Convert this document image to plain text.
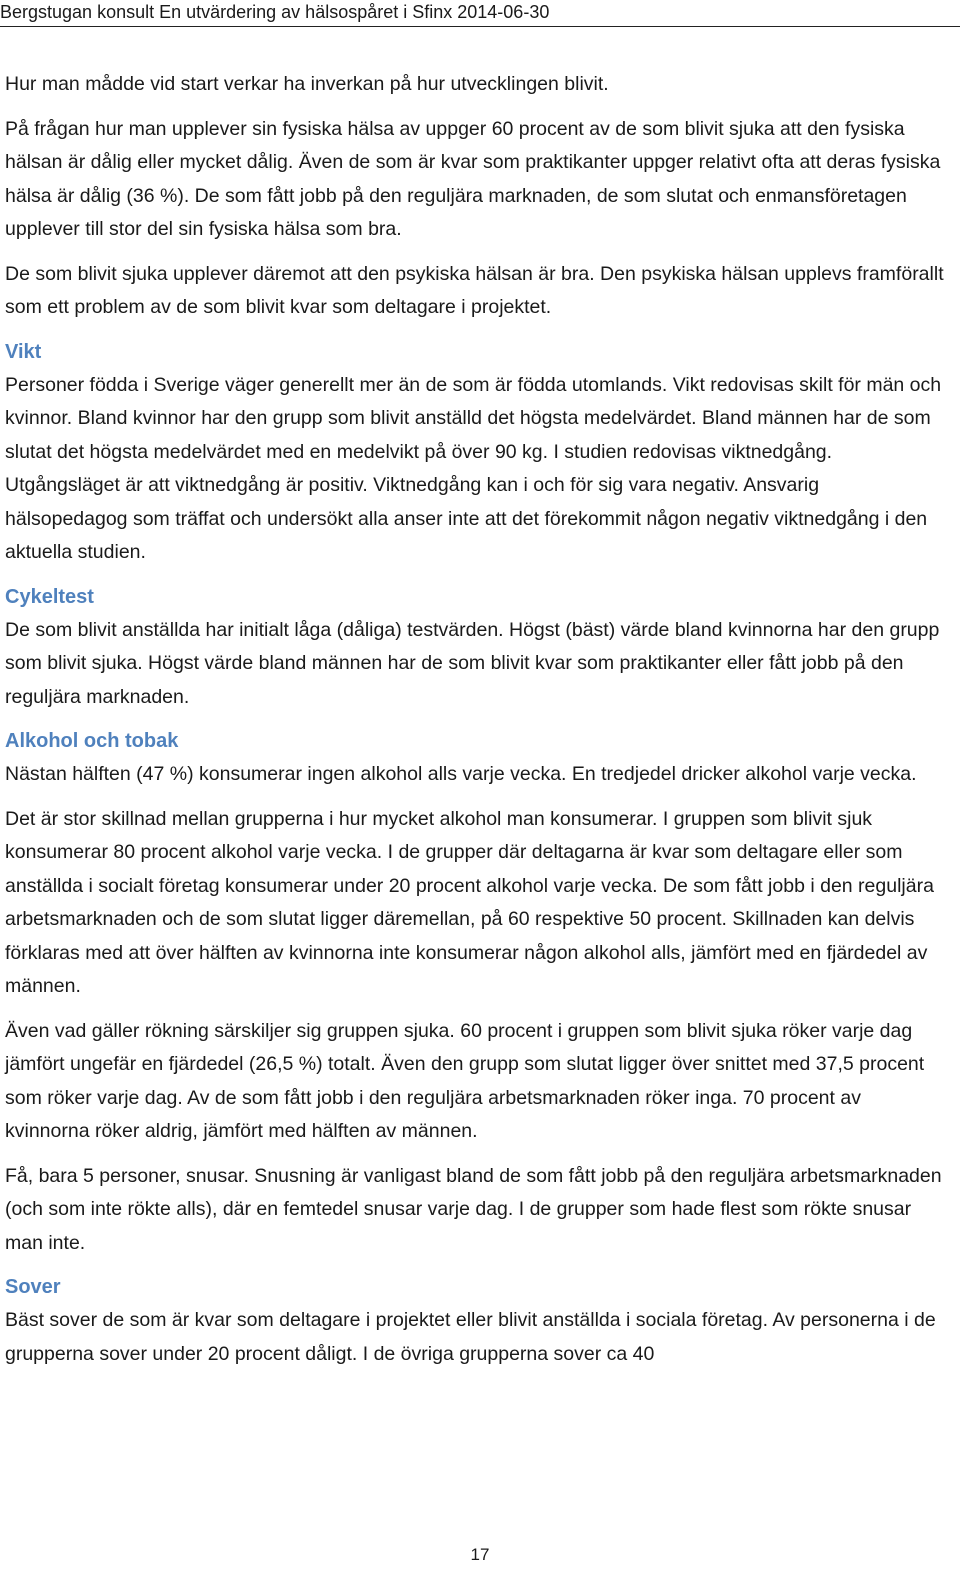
Bergstugan konsult En utvärdering av hälsospåret i Sfinx 2014-06-30

Hur man mådde vid start verkar ha inverkan på hur utvecklingen blivit.

På frågan hur man upplever sin fysiska hälsa av uppger 60 procent av de som blivit sjuka att den fysiska hälsan är dålig eller mycket dålig. Även de som är kvar som praktikanter uppger relativt ofta att deras fysiska hälsa är dålig (36 %). De som fått jobb på den reguljära marknaden, de som slutat och enmansföretagen upplever till stor del sin fysiska hälsa som bra.

De som blivit sjuka upplever däremot att den psykiska hälsan är bra. Den psykiska hälsan upplevs framförallt som ett problem av de som blivit kvar som deltagare i projektet.

Vikt

Personer födda i Sverige väger generellt mer än de som är födda utomlands. Vikt redovisas skilt för män och kvinnor. Bland kvinnor har den grupp som blivit anställd det högsta medelvärdet. Bland männen har de som slutat det högsta medelvärdet med en medelvikt på över 90 kg. I studien redovisas viktnedgång. Utgångsläget är att viktnedgång är positiv. Viktnedgång kan i och för sig vara negativ. Ansvarig hälsopedagog som träffat och undersökt alla anser inte att det förekommit någon negativ viktnedgång i den aktuella studien.

Cykeltest

De som blivit anställda har initialt låga (dåliga) testvärden. Högst (bäst) värde bland kvinnorna har den grupp som blivit sjuka. Högst värde bland männen har de som blivit kvar som praktikanter eller fått jobb på den reguljära marknaden.

Alkohol och tobak

Nästan hälften (47 %) konsumerar ingen alkohol alls varje vecka. En tredjedel dricker alkohol varje vecka.

Det är stor skillnad mellan grupperna i hur mycket alkohol man konsumerar. I gruppen som blivit sjuk konsumerar 80 procent alkohol varje vecka. I de grupper där deltagarna är kvar som deltagare eller som anställda i socialt företag konsumerar under 20 procent alkohol varje vecka. De som fått jobb i den reguljära arbetsmarknaden och de som slutat ligger däremellan, på 60 respektive 50 procent. Skillnaden kan delvis förklaras med att över hälften av kvinnorna inte konsumerar någon alkohol alls, jämfört med en fjärdedel av männen.

Även vad gäller rökning särskiljer sig gruppen sjuka. 60 procent i gruppen som blivit sjuka röker varje dag jämfört ungefär en fjärdedel (26,5 %) totalt. Även den grupp som slutat ligger över snittet med 37,5 procent som röker varje dag. Av de som fått jobb i den reguljära arbetsmarknaden röker inga. 70 procent av kvinnorna röker aldrig, jämfört med hälften av männen.

Få, bara 5 personer, snusar. Snusning är vanligast bland de som fått jobb på den reguljära arbetsmarknaden (och som inte rökte alls), där en femtedel snusar varje dag. I de grupper som hade flest som rökte snusar man inte.

Sover

Bäst sover de som är kvar som deltagare i projektet eller blivit anställda i sociala företag. Av personerna i de grupperna sover under 20 procent dåligt. I de övriga grupperna sover ca 40

17
